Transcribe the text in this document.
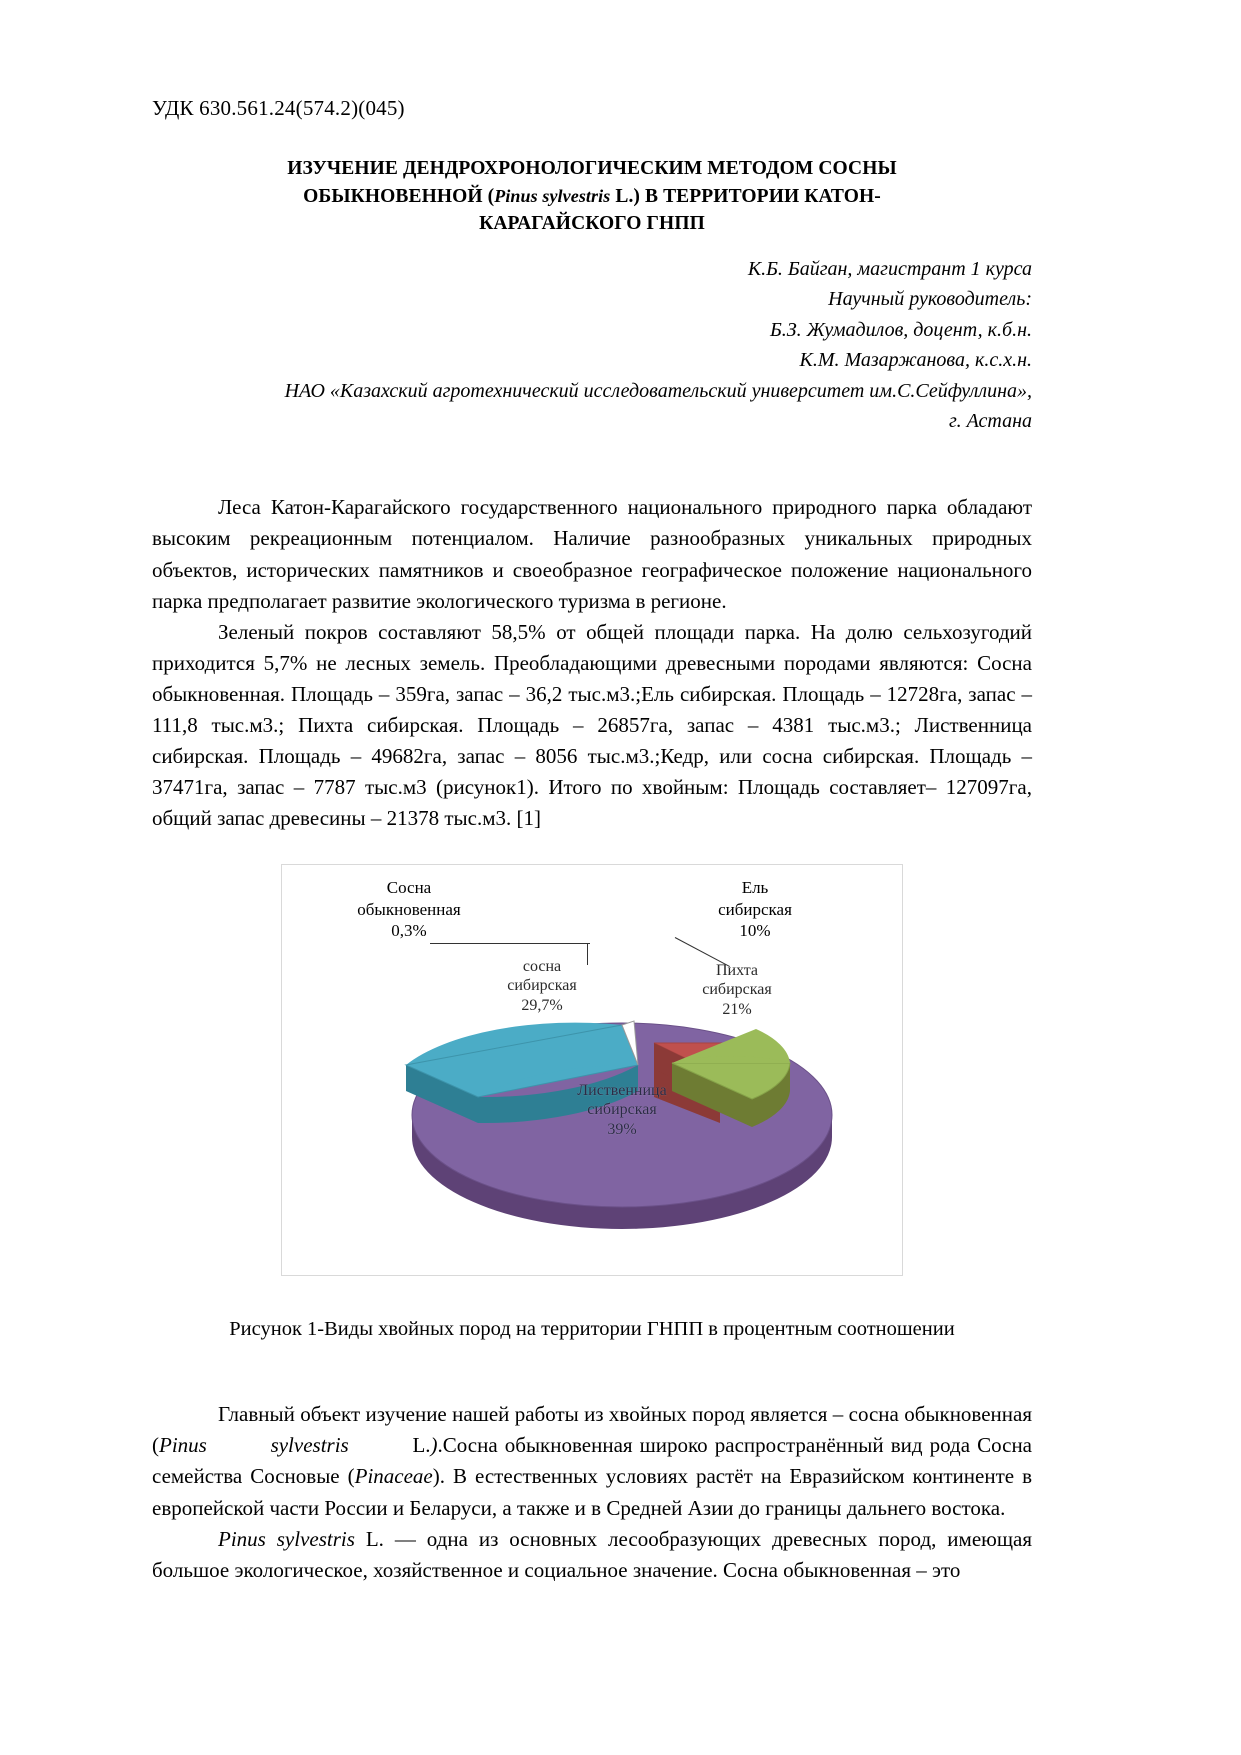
УДК 630.561.24(574.2)(045)
ИЗУЧЕНИЕ ДЕНДРОХРОНОЛОГИЧЕСКИМ МЕТОДОМ СОСНЫ
ОБЫКНОВЕННОЙ (Pinus sylvestris L.) В ТЕРРИТОРИИ КАТОН-
КАРАГАЙСКОГО ГНПП
К.Б. Байган, магистрант 1 курса
Научный руководитель:
Б.З. Жумадилов, доцент, к.б.н.
К.М. Мазаржанова, к.с.х.н.
НАО «Казахский агротехнический исследовательский университет им.С.Сейфуллина»,
г. Астана

Леса Катон-Карагайского государственного национального природного парка обладают высоким рекреационным потенциалом. Наличие разнообразных уникальных природных объектов, исторических памятников и своеобразное географическое положение национального парка предполагает развитие экологического туризма в регионе.

Зеленый покров составляют 58,5% от общей площади парка. На долю сельхозугодий приходится 5,7% не лесных земель. Преобладающими древесными породами являются: Сосна обыкновенная. Площадь – 359га, запас – 36,2 тыс.м3.;Ель сибирская. Площадь – 12728га, запас – 111,8 тыс.м3.; Пихта сибирская. Площадь – 26857га, запас – 4381 тыс.м3.; Лиственница сибирская. Площадь – 49682га, запас – 8056 тыс.м3.;Кедр, или сосна сибирская. Площадь – 37471га, запас – 7787 тыс.м3 (рисунок1). Итого по хвойным: Площадь составляет– 127097га, общий запас древесины – 21378 тыс.м3. [1]

Сосна
обыкновенная
0,3%
Ель
сибирская
10%
сосна
сибирская
29,7%
Пихта
сибирская
21%
Лиственница
сибирская
39%
Рисунок 1-Виды хвойных пород на территории ГНПП в процентным соотношении

Главный объект изучение нашей работы из хвойных пород является – сосна обыкновенная (Pinus	sylvestris	L.).Сосна обыкновенная широко распространённый вид рода Сосна семейства Сосновые (Pinaceae). В естественных условиях растёт на Евразийском континенте в европейской части России и Беларуси, а также и в Средней Азии до границы дальнего востока.

Pinus sylvestris L. — одна из основных лесообразующих древесных пород, имеющая большое экологическое, хозяйственное и социальное значение. Сосна обыкновенная – это
